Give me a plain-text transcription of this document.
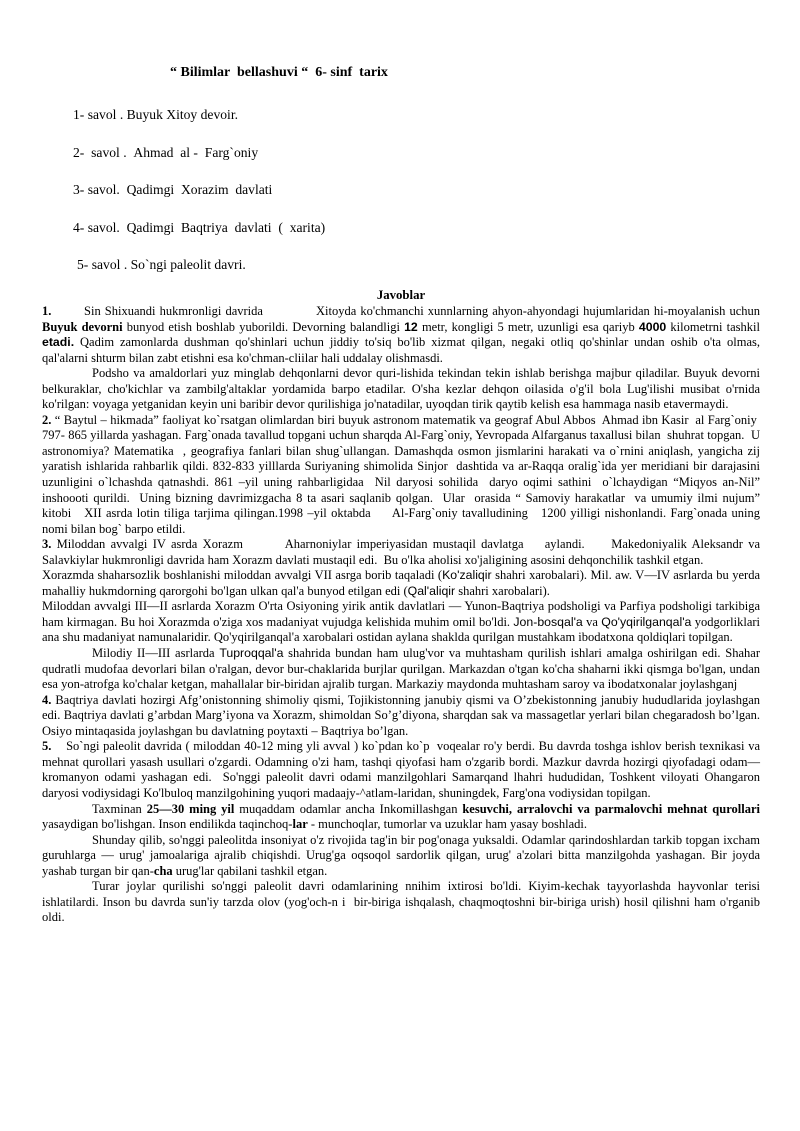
“ Bilimlar  bellashuvi “  6- sinf  tarix
1- savol . Buyuk Xitoy devoir.
2-  savol .  Ahmad  al -  Farg`oniy
3- savol.  Qadimgi  Xorazim  davlati
4- savol.  Qadimgi  Baqtriya  davlati  (  xarita)
5- savol . So`ngi paleolit davri.
Javoblar

1.        Sin Shixuandi hukmronligi davrida             Xitoyda ko'chmanchi xunnlarning ahyon-ahyondagi hujumlaridan hi-moyalanish uchun Buyuk devorni bunyod etish boshlab yuborildi. Devorning balandligi 12 metr, kongligi 5 metr, uzunligi esa qariyb 4000 kilometrni tashkil etadi. Qadim zamonlarda dushman qo'shinlari uchun jiddiy to'siq bo'lib xizmat qilgan, negaki otliq qo'shinlar undan oshib o'ta olmas, qal'alarni shturm bilan zabt etishni esa ko'chman-cliilar hali uddalay olishmasdi.

Podsho va amaldorlari yuz minglab dehqonlarni devor quri-lishida tekindan tekin ishlab berishga majbur qiladilar. Buyuk devorni belkuraklar, cho'kichlar va zambilg'altaklar yordamida barpo etadilar. O'sha kezlar dehqon oilasida o'g'il bola Lug'ilishi musibat o'rnida ko'rilgan: voyaga yetganidan keyin uni baribir devor qurilishiga jo'natadilar, uyoqdan tirik qaytib kelish esa hammaga nasib etavermaydi.

2. “ Baytul – hikmada” faoliyat ko`rsatgan olimlardan biri buyuk astronom matematik va geograf Abul Abbos  Ahmad ibn Kasir  al Farg`oniy  797- 865 yillarda yashagan. Farg`onada tavallud topgani uchun sharqda Al-Farg`oniy, Yevropada Alfarganus taxallusi bilan  shuhrat topgan.  U astronomiya? Matematika  , geografiya fanlari bilan shug`ullangan. Damashqda osmon jismlarini harakati va o`rnini aniqlash, yangicha zij yaratish ishlarida rahbarlik qildi. 832-833 yilllarda Suriyaning shimolida Sinjor  dashtida va ar-Raqqa oralig`ida yer meridiani bir darajasini uzunligini o`lchashda qatnashdi. 861 –yil uning rahbarligidaa  Nil daryosi sohilida  daryo oqimi sathini  o`lchaydigan “Miqyos an-Nil” inshoooti qurildi.  Uning bizning davrimizgacha 8 ta asari saqlanib qolgan.  Ular  orasida “ Samoviy harakatlar  va umumiy ilmi nujum” kitobi   XII asrda lotin tiliga tarjima qilingan.1998 –yil oktabda     Al-Farg`oniy tavalludining   1200 yilligi nishonlandi. Farg`onada uning nomi bilan bog` barpo etildi.

3. Miloddan avvalgi IV asrda Xorazm        Aharnoniylar imperiyasidan mustaqil davlatga    aylandi.     Makedoniyalik Aleksandr va Salavkiylar hukmronligi davrida ham Xorazm davlati mustaqil edi.  Bu o'lka aholisi xo'jaligining asosini dehqonchilik tashkil etgan.

Xorazmda shaharsozlik boshlanishi miloddan avvalgi VII asrga borib taqaladi (Ko'zaliqir shahri xarobalari). Mil. aw. V—IV asrlarda bu yerda mahalliy hukmdorning qarorgohi bo'lgan ulkan qal'a bunyod etilgan edi (Qal'aliqir shahri xarobalari).

Miloddan avvalgi III—II asrlarda Xorazm O'rta Osiyoning yirik antik davlatlari — Yunon-Baqtriya podsholigi va Parfiya podsholigi tarkibiga ham kirmagan. Bu hoi Xorazmda o'ziga xos madaniyat vujudga kelishida muhim omil bo'ldi. Jon-bosqal'a va Qo'yqirilganqal'a yodgorliklari ana shu madaniyat namunalaridir. Qo'yqirilganqal'a xarobalari ostidan aylana shaklda qurilgan mustahkam ibodatxona qoldiqlari topilgan.

Milodiy II—III asrlarda Tuproqqal'a shahrida bundan ham ulug'vor va muhtasham qurilish ishlari amalga oshirilgan edi. Shahar qudratli mudofaa devorlari bilan o'ralgan, devor bur-chaklarida burjlar qurilgan. Markazdan o'tgan ko'cha shaharni ikki qismga bo'lgan, undan esa yon-atrofga ko'chalar ketgan, mahallalar bir-biridan ajralib turgan. Markaziy maydonda muhtasham saroy va ibodatxonalar joylashganj

4. Baqtriya davlati hozirgi Afg’onistonning shimoliy qismi, Tojikistonning janubiy qismi va O’zbekistonning janubiy hududlarida joylashgan edi. Baqtriya davlati g’arbdan Marg’iyona va Xorazm, shimoldan So’g’diyona, sharqdan sak va massagetlar yerlari bilan chegaradosh bo’lgan. Osiyo mintaqasida joylashgan bu davlatning poytaxti – Baqtriya bo’lgan.

5.    So`ngi paleolit davrida ( miloddan 40-12 ming yli avval ) ko`pdan ko`p  voqealar ro'y berdi. Bu davrda toshga ishlov berish texnikasi va mehnat qurollari yasash usullari o'zgardi. Odamning o'zi ham, tashqi qiyofasi ham o'zgarib bordi. Mazkur davrda hozirgi qiyofadagi odam— kromanyon odami yashagan edi.  So'nggi paleolit davri odami manzilgohlari Samarqand lhahri hududidan, Toshkent viloyati Ohangaron daryosi vodiysidagi Ko'lbuloq manzilgohining yuqori madaajy-^atlam-laridan, shuningdek, Farg'ona vodiysidan topilgan.

Taxminan 25—30 ming yil muqaddam odamlar ancha Inkomillashgan kesuvchi, arralovchi va parmalovchi mehnat qurollari yasaydigan bo'lishgan. Inson endilikda taqinchoq-lar - munchoqlar, tumorlar va uzuklar ham yasay boshladi.

Shunday qilib, so'nggi paleolitda insoniyat o'z rivojida tag'in bir pog'onaga yuksaldi. Odamlar qarindoshlardan tarkib topgan ixcham guruhlarga — urug' jamoalariga ajralib chiqishdi. Urug'ga oqsoqol sardorlik qilgan, urug' a'zolari bitta manzilgohda yashagan. Bir joyda yashab turgan bir qan-cha urug'lar qabilani tashkil etgan.

Turar joylar qurilishi so'nggi paleolit davri odamlarining nnihim ixtirosi bo'ldi. Kiyim-kechak tayyorlashda hayvonlar terisi ishlatilardi. Inson bu davrda sun'iy tarzda olov (yog'och-n i  bir-biriga ishqalash, chaqmoqtoshni bir-biriga urish) hosil qilishni ham o'rganib oldi.
